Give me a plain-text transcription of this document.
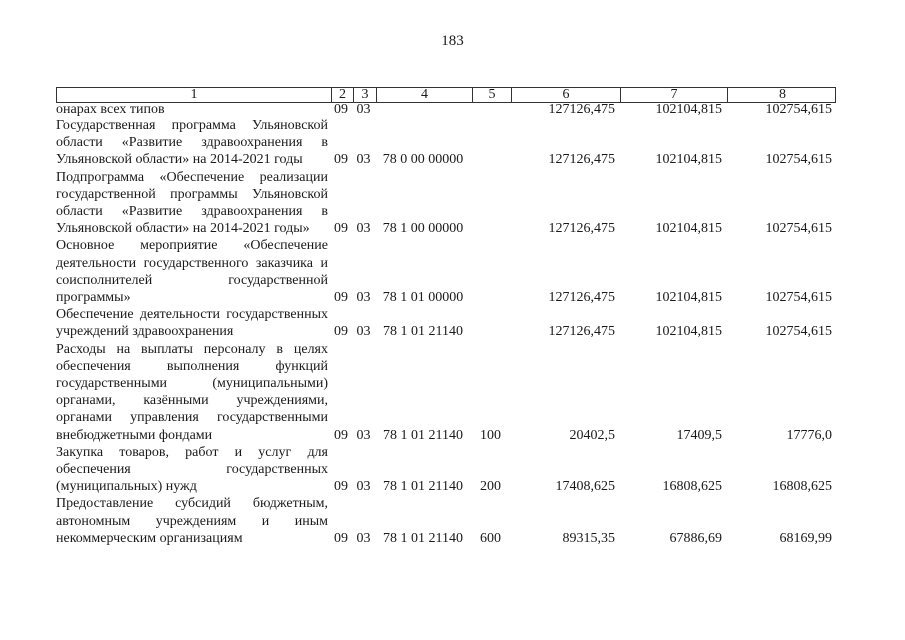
183
1	2	3	4	5	6	7	8
онарах всех типов	09 03	127126,475	102104,815	102754,615
Государственная программа Ульяновской области «Развитие здравоохранения в Ульяновской области» на 2014-2021 годы	09 03 78 0 00 00000	127126,475	102104,815	102754,615
Подпрограмма «Обеспечение реализации государственной программы Ульяновской области «Развитие здравоохранения в Ульяновской области» на 2014-2021 годы»	09 03 78 1 00 00000	127126,475	102104,815	102754,615
Основное мероприятие «Обеспечение деятельности государственного заказчика и соисполнителей государственной программы»	09 03 78 1 01 00000	127126,475	102104,815	102754,615
Обеспечение деятельности государственных учреждений здравоохранения	09 03 78 1 01 21140	127126,475	102104,815	102754,615
Расходы на выплаты персоналу в целях обеспечения выполнения функций государственными (муниципальными) органами, казёнными учреждениями, органами управления государственными внебюджетными фондами	09 03 78 1 01 21140	100	20402,5	17409,5	17776,0
Закупка товаров, работ и услуг для обеспечения государственных (муниципальных) нужд	09 03 78 1 01 21140	200	17408,625	16808,625	16808,625
Предоставление субсидий бюджетным, автономным учреждениям и иным некоммерческим организациям	09 03 78 1 01 21140	600	89315,35	67886,69	68169,99
